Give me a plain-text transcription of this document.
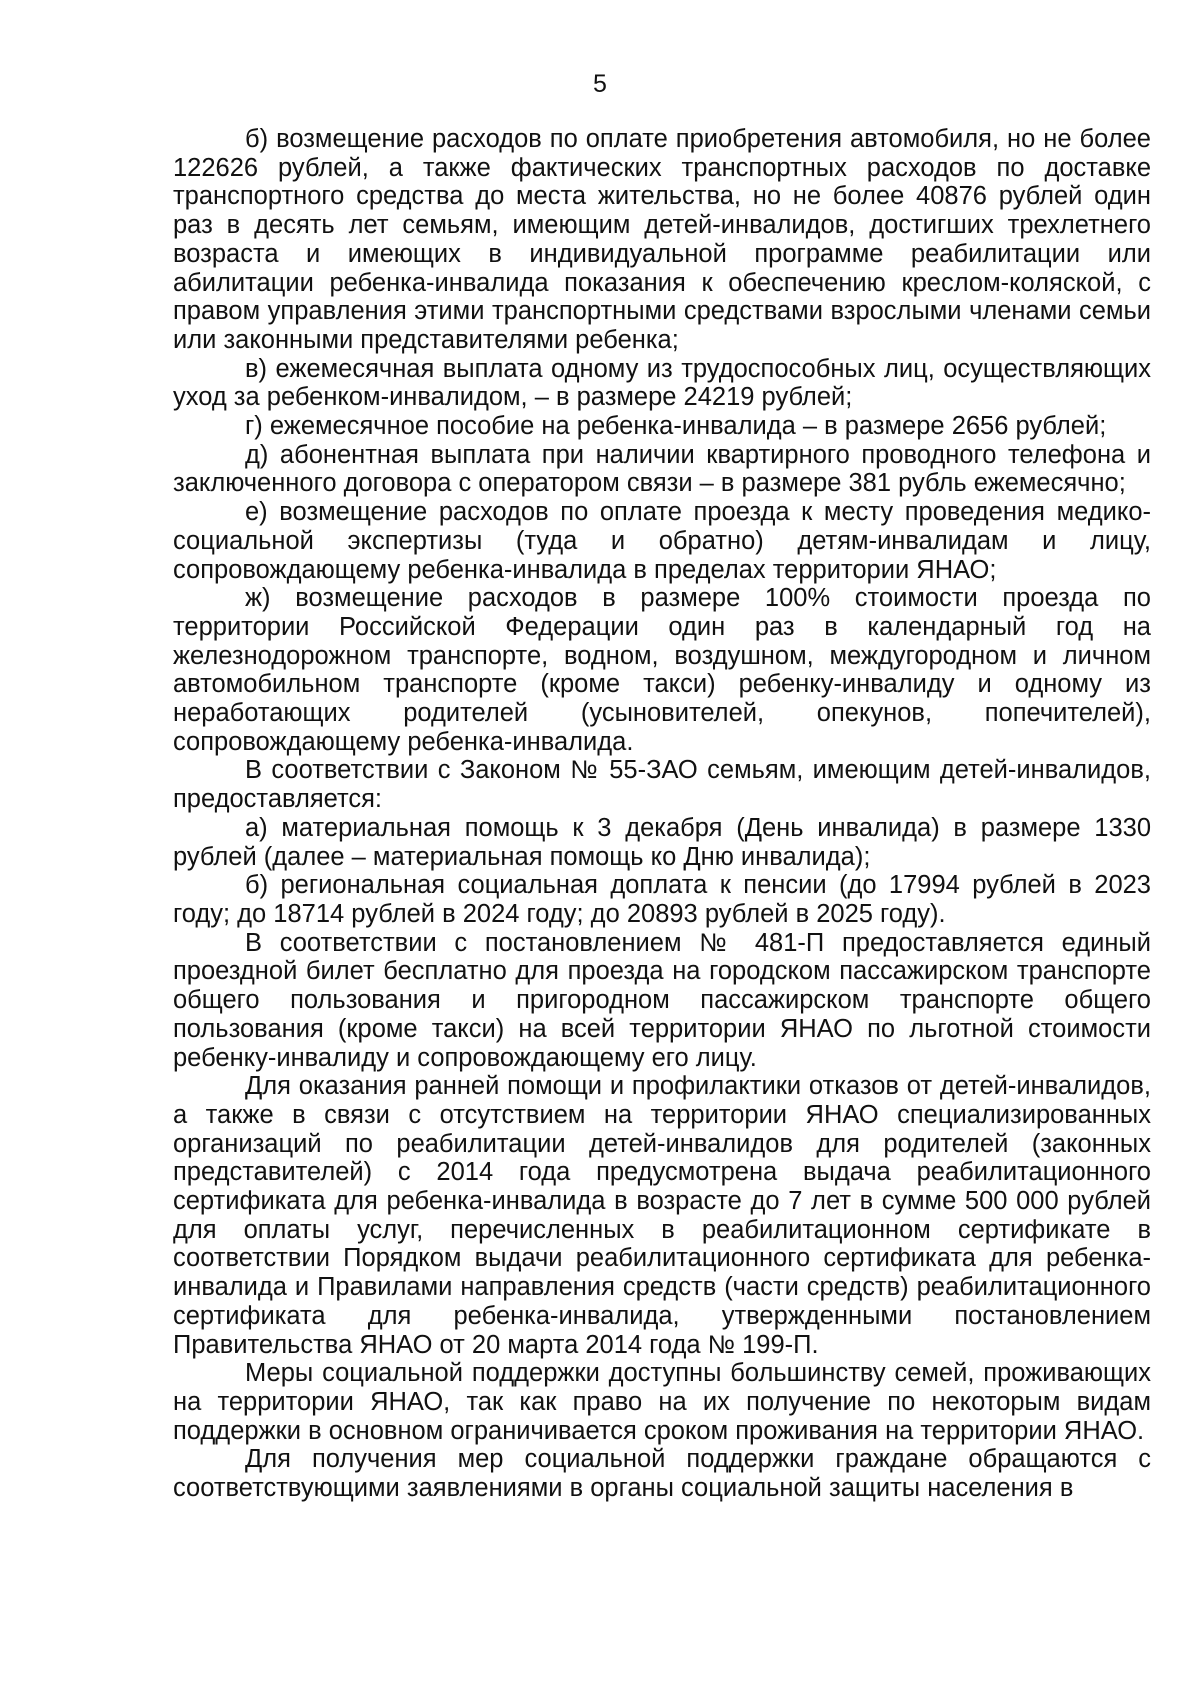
5

б) возмещение расходов по оплате приобретения автомобиля, но не более 122626 рублей, а также фактических транспортных расходов по доставке транспортного средства до места жительства, но не более 40876 рублей один раз в десять лет семьям, имеющим детей-инвалидов, достигших трехлетнего возраста и имеющих в индивидуальной программе реабилитации или абилитации ребенка-инвалида показания к обеспечению креслом-коляской, с правом управления этими транспортными средствами взрослыми членами семьи или законными представителями ребенка;

в) ежемесячная выплата одному из трудоспособных лиц, осуществляющих уход за ребенком-инвалидом, – в размере 24219 рублей;

г) ежемесячное пособие на ребенка-инвалида – в размере 2656 рублей;

д) абонентная выплата при наличии квартирного проводного телефона и заключенного договора с оператором связи – в размере 381 рубль ежемесячно;

е) возмещение расходов по оплате проезда к месту проведения медико-социальной экспертизы (туда и обратно) детям-инвалидам и лицу, сопровождающему ребенка-инвалида в пределах территории ЯНАО;

ж) возмещение расходов в размере 100% стоимости проезда по территории Российской Федерации один раз в календарный год на железнодорожном транспорте, водном, воздушном, междугородном и личном автомобильном транспорте (кроме такси) ребенку-инвалиду и одному из неработающих родителей (усыновителей, опекунов, попечителей), сопровождающему ребенка-инвалида.

В соответствии с Законом № 55-ЗАО семьям, имеющим детей-инвалидов, предоставляется:

а) материальная помощь к 3 декабря (День инвалида) в размере 1330 рублей (далее – материальная помощь ко Дню инвалида);

б) региональная социальная доплата к пенсии (до 17994 рублей в 2023 году; до 18714 рублей в 2024 году; до 20893 рублей в 2025 году).

В соответствии с постановлением № 481-П предоставляется единый проездной билет бесплатно для проезда на городском пассажирском транспорте общего пользования и пригородном пассажирском транспорте общего пользования (кроме такси) на всей территории ЯНАО по льготной стоимости ребенку-инвалиду и сопровождающему его лицу.

Для оказания ранней помощи и профилактики отказов от детей-инвалидов, а также в связи с отсутствием на территории ЯНАО специализированных организаций по реабилитации детей-инвалидов для родителей (законных представителей) с 2014 года предусмотрена выдача реабилитационного сертификата для ребенка-инвалида в возрасте до 7 лет в сумме 500 000 рублей для оплаты услуг, перечисленных в реабилитационном сертификате в соответствии Порядком выдачи реабилитационного сертификата для ребенка-инвалида и Правилами направления средств (части средств) реабилитационного сертификата для ребенка-инвалида, утвержденными постановлением Правительства ЯНАО от 20 марта 2014 года № 199-П.

Меры социальной поддержки доступны большинству семей, проживающих на территории ЯНАО, так как право на их получение по некоторым видам поддержки в основном ограничивается сроком проживания на территории ЯНАО.

Для получения мер социальной поддержки граждане обращаются с соответствующими заявлениями в органы социальной защиты населения в
